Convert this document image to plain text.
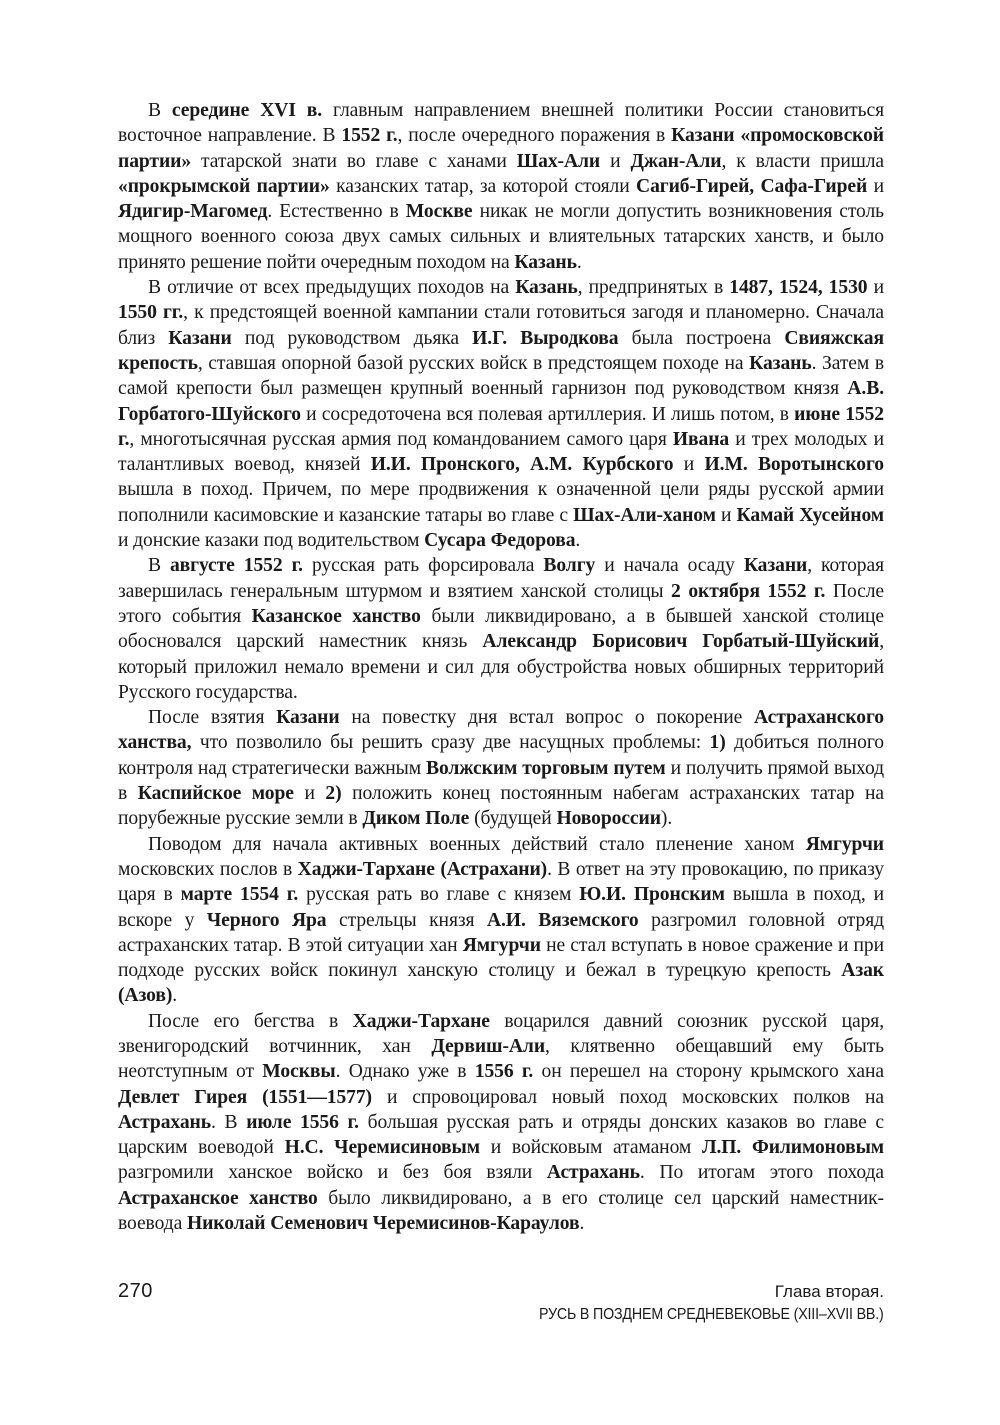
В середине XVI в. главным направлением внешней политики России становиться восточное направление. В 1552 г., после очередного поражения в Казани «промосковской партии» татарской знати во главе с ханами Шах-Али и Джан-Али, к власти пришла «прокрымской партии» казанских татар, за которой стояли Сагиб-Гирей, Сафа-Гирей и Ядигир-Магомед. Естественно в Москве никак не могли допустить возникновения столь мощного военного союза двух самых сильных и влиятельных татарских ханств, и было принято решение пойти очередным походом на Казань.

В отличие от всех предыдущих походов на Казань, предпринятых в 1487, 1524, 1530 и 1550 гг., к предстоящей военной кампании стали готовиться загодя и планомерно. Сначала близ Казани под руководством дьяка И.Г. Выродкова была построена Свияжская крепость, ставшая опорной базой русских войск в предстоящем походе на Казань. Затем в самой крепости был размещен крупный военный гарнизон под руководством князя А.В. Горбатого-Шуйского и сосредоточена вся полевая артиллерия. И лишь потом, в июне 1552 г., многотысячная русская армия под командованием самого царя Ивана и трех молодых и талантливых воевод, князей И.И. Пронского, А.М. Курбского и И.М. Воротынского вышла в поход. Причем, по мере продвижения к означенной цели ряды русской армии пополнили касимовские и казанские татары во главе с Шах-Али-ханом и Камай Хусейном и донские казаки под водительством Сусара Федорова.

В августе 1552 г. русская рать форсировала Волгу и начала осаду Казани, которая завершилась генеральным штурмом и взятием ханской столицы 2 октября 1552 г. После этого события Казанское ханство были ликвидировано, а в бывшей ханской столице обосновался царский наместник князь Александр Борисович Горбатый-Шуйский, который приложил немало времени и сил для обустройства новых обширных территорий Русского государства.

После взятия Казани на повестку дня встал вопрос о покорение Астраханского ханства, что позволило бы решить сразу две насущных проблемы: 1) добиться полного контроля над стратегически важным Волжским торговым путем и получить прямой выход в Каспийское море и 2) положить конец постоянным набегам астраханских татар на порубежные русские земли в Диком Поле (будущей Новороссии).

Поводом для начала активных военных действий стало пленение ханом Ямгурчи московских послов в Хаджи-Тархане (Астрахани). В ответ на эту провокацию, по приказу царя в марте 1554 г. русская рать во главе с князем Ю.И. Пронским вышла в поход, и вскоре у Черного Яра стрельцы князя А.И. Вяземского разгромил головной отряд астраханских татар. В этой ситуации хан Ямгурчи не стал вступать в новое сражение и при подходе русских войск покинул ханскую столицу и бежал в турецкую крепость Азак (Азов).

После его бегства в Хаджи-Тархане воцарился давний союзник русской царя, звенигородский вотчинник, хан Дервиш-Али, клятвенно обещавший ему быть неотступным от Москвы. Однако уже в 1556 г. он перешел на сторону крымского хана Девлет Гирея (1551—1577) и спровоцировал новый поход московских полков на Астрахань. В июле 1556 г. большая русская рать и отряды донских казаков во главе с царским воеводой Н.С. Черемисиновым и войсковым атаманом Л.П. Филимоновым разгромили ханское войско и без боя взяли Астрахань. По итогам этого похода Астраханское ханство было ликвидировано, а в его столице сел царский наместник-воевода Николай Семенович Черемисинов-Караулов.

270	Глава вторая.
РУСЬ В ПОЗДНЕМ СРЕДНЕВЕКОВЬЕ (XIII–XVII ВВ.)
